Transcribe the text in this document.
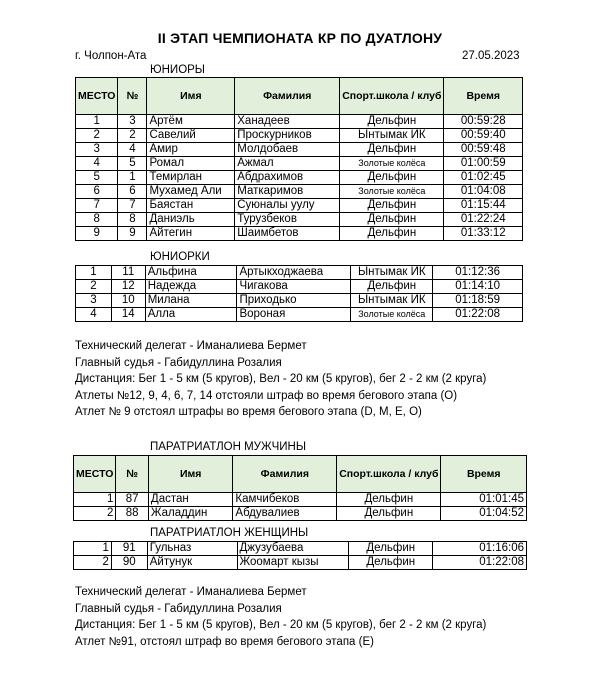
II ЭТАП ЧЕМПИОНАТА КР ПО ДУАТЛОНУ
г. Чолпон-Ата	27.05.2023
ЮНИОРЫ
МЕСТО	№	Имя	Фамилия	Спорт.школа / клуб	Время
1	3	Артём	Ханадеев	Дельфин	00:59:28
2	2	Савелий	Проскурников	Ынтымак ИК	00:59:40
3	4	Амир	Молдобаев	Дельфин	00:59:48
4	5	Ромал	Ажмал	Золотые колёса	01:00:59
5	1	Темирлан	Абдрахимов	Дельфин	01:02:45
6	6	Мухамед Али	Маткаримов	Золотые колёса	01:04:08
7	7	Баястан	Суюналы уулу	Дельфин	01:15:44
8	8	Даниэль	Турузбеков	Дельфин	01:22:24
9	9	Айтегин	Шаимбетов	Дельфин	01:33:12
ЮНИОРКИ
1	11	Альфина	Артыкходжаева	Ынтымак ИК	01:12:36
2	12	Надежда	Чигакова	Дельфин	01:14:10
3	10	Милана	Приходько	Ынтымак ИК	01:18:59
4	14	Алла	Вороная	Золотые колёса	01:22:08
Технический делегат - Иманалиева Бермет
Главный судья - Габидуллина Розалия
Дистанция: Бег 1 - 5 км (5 кругов), Вел - 20 км (5 кругов), бег 2 - 2 км (2 круга)
Атлеты №12, 9, 4, 6, 7, 14 отстояли штраф во время бегового этапа (О)
Атлет № 9 отстоял штрафы во время бегового этапа (D, M, E, O)
ПАРАТРИАТЛОН МУЖЧИНЫ
МЕСТО	№	Имя	Фамилия	Спорт.школа / клуб	Время
1	87	Дастан	Камчибеков	Дельфин	01:01:45
2	88	Жаладдин	Абдувалиев	Дельфин	01:04:52
ПАРАТРИАТЛОН ЖЕНЩИНЫ
1	91	Гульназ	Джузубаева	Дельфин	01:16:06
2	90	Айтунук	Жоомарт кызы	Дельфин	01:22:08
Технический делегат - Иманалиева Бермет
Главный судья - Габидуллина Розалия
Дистанция: Бег 1 - 5 км (5 кругов), Вел - 20 км (5 кругов), бег 2 - 2 км (2 круга)
Атлет №91, отстоял штраф во время бегового этапа (Е)
